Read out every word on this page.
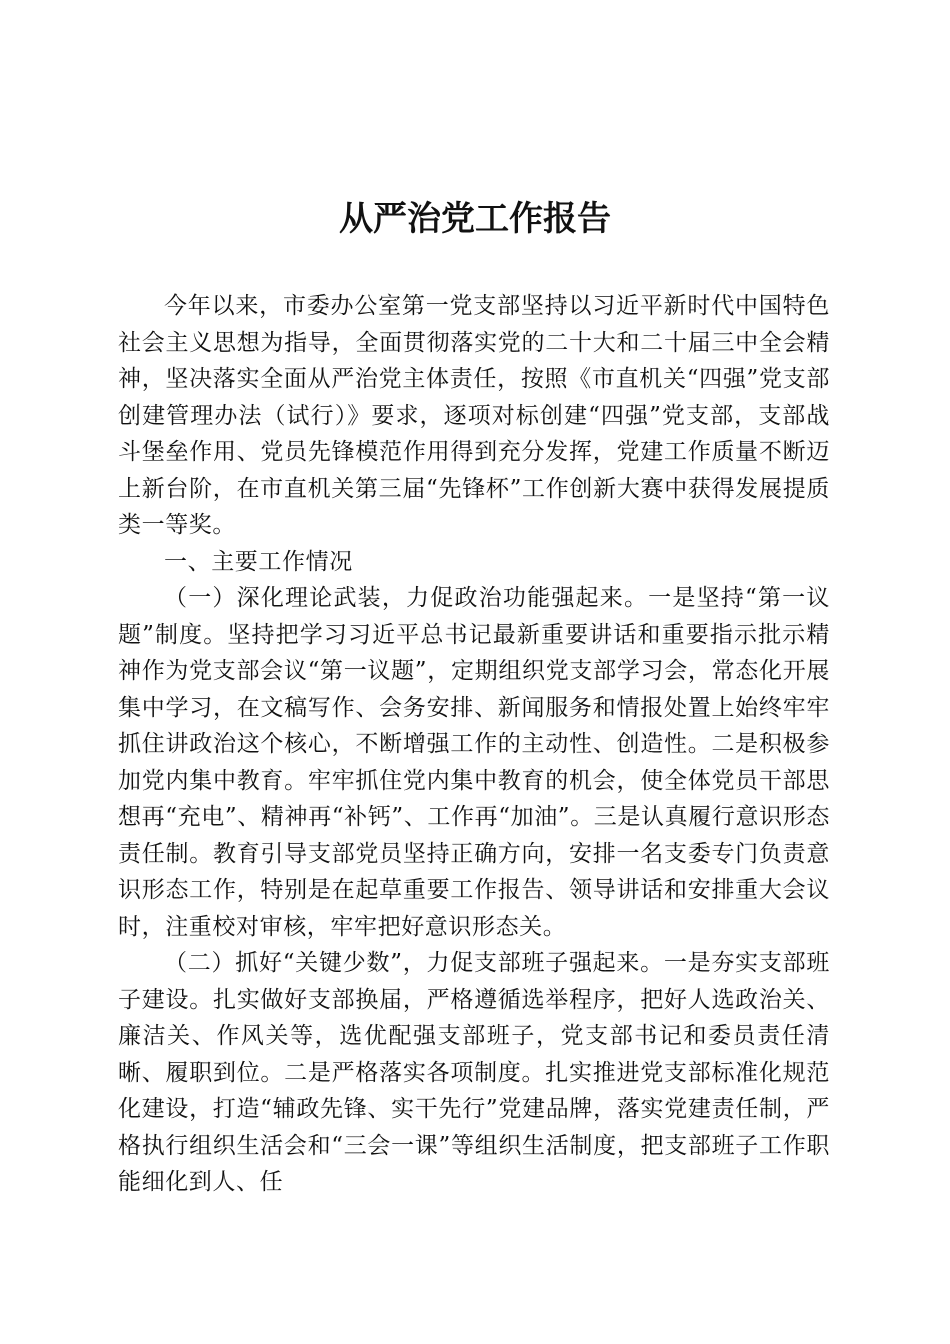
从严治党工作报告

今年以来，市委办公室第一党支部坚持以习近平新时代中国特色社会主义思想为指导，全面贯彻落实党的二十大和二十届三中全会精神，坚决落实全面从严治党主体责任，按照《市直机关“四强”党支部创建管理办法（试行）》要求，逐项对标创建“四强”党支部，支部战斗堡垒作用、党员先锋模范作用得到充分发挥，党建工作质量不断迈上新台阶，在市直机关第三届“先锋杯”工作创新大赛中获得发展提质类一等奖。

一、主要工作情况

（一）深化理论武装，力促政治功能强起来。一是坚持“第一议题”制度。坚持把学习习近平总书记最新重要讲话和重要指示批示精神作为党支部会议“第一议题”，定期组织党支部学习会，常态化开展集中学习，在文稿写作、会务安排、新闻服务和情报处置上始终牢牢抓住讲政治这个核心，不断增强工作的主动性、创造性。二是积极参加党内集中教育。牢牢抓住党内集中教育的机会，使全体党员干部思想再“充电”、精神再“补钙”、工作再“加油”。三是认真履行意识形态责任制。教育引导支部党员坚持正确方向，安排一名支委专门负责意识形态工作，特别是在起草重要工作报告、领导讲话和安排重大会议时，注重校对审核，牢牢把好意识形态关。

（二）抓好“关键少数”，力促支部班子强起来。一是夯实支部班子建设。扎实做好支部换届，严格遵循选举程序，把好人选政治关、廉洁关、作风关等，选优配强支部班子，党支部书记和委员责任清晰、履职到位。二是严格落实各项制度。扎实推进党支部标准化规范化建设，打造“辅政先锋、实干先行”党建品牌，落实党建责任制，严格执行组织生活会和“三会一课”等组织生活制度，把支部班子工作职能细化到人、任
